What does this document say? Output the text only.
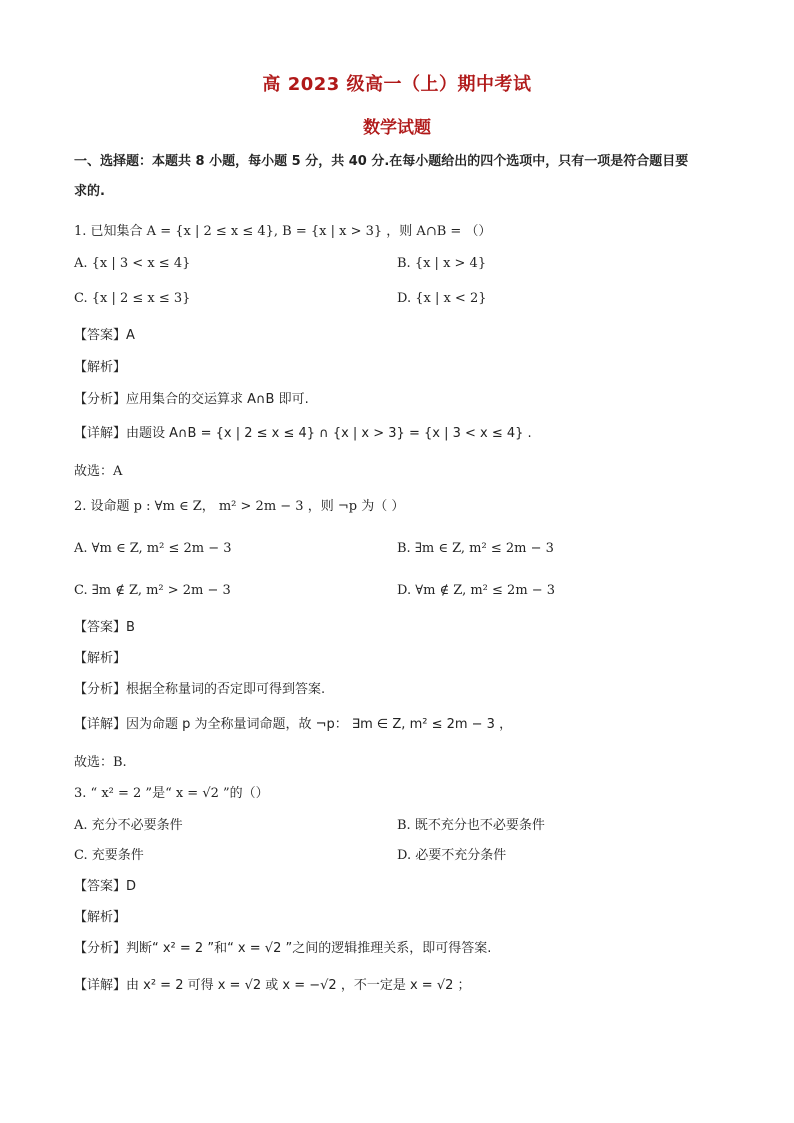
高 2023 级高一（上）期中考试
数学试题
一、选择题：本题共 8 小题，每小题 5 分，共 40 分.在每小题给出的四个选项中，只有一项是符合题目要
求的.
1. 已知集合 A = {x | 2 ≤ x ≤ 4}, B = {x | x > 3} ，则 A∩B = （）
A. {x | 3 < x ≤ 4}	B. {x | x > 4}
C. {x | 2 ≤ x ≤ 3}	D. {x | x < 2}
【答案】A
【解析】
【分析】应用集合的交运算求 A∩B 即可.
【详解】由题设 A∩B = {x | 2 ≤ x ≤ 4} ∩ {x | x > 3} = {x | 3 < x ≤ 4} .
故选：A
2. 设命题 p : ∀m ∈ Z， m² > 2m − 3 ，则 ¬p 为（ ）
A. ∀m ∈ Z, m² ≤ 2m − 3	B. ∃m ∈ Z, m² ≤ 2m − 3
C. ∃m ∉ Z, m² > 2m − 3	D. ∀m ∉ Z, m² ≤ 2m − 3
【答案】B
【解析】
【分析】根据全称量词的否定即可得到答案.
【详解】因为命题 p 为全称量词命题，故 ¬p： ∃m ∈ Z, m² ≤ 2m − 3 ，
故选：B.
3. “ x² = 2 ”是“ x = √2 ”的（）
A. 充分不必要条件	B. 既不充分也不必要条件
C. 充要条件	D. 必要不充分条件
【答案】D
【解析】
【分析】判断“ x² = 2 ”和“ x = √2 ”之间的逻辑推理关系，即可得答案.
【详解】由 x² = 2 可得 x = √2 或 x = −√2 ，不一定是 x = √2 ；
